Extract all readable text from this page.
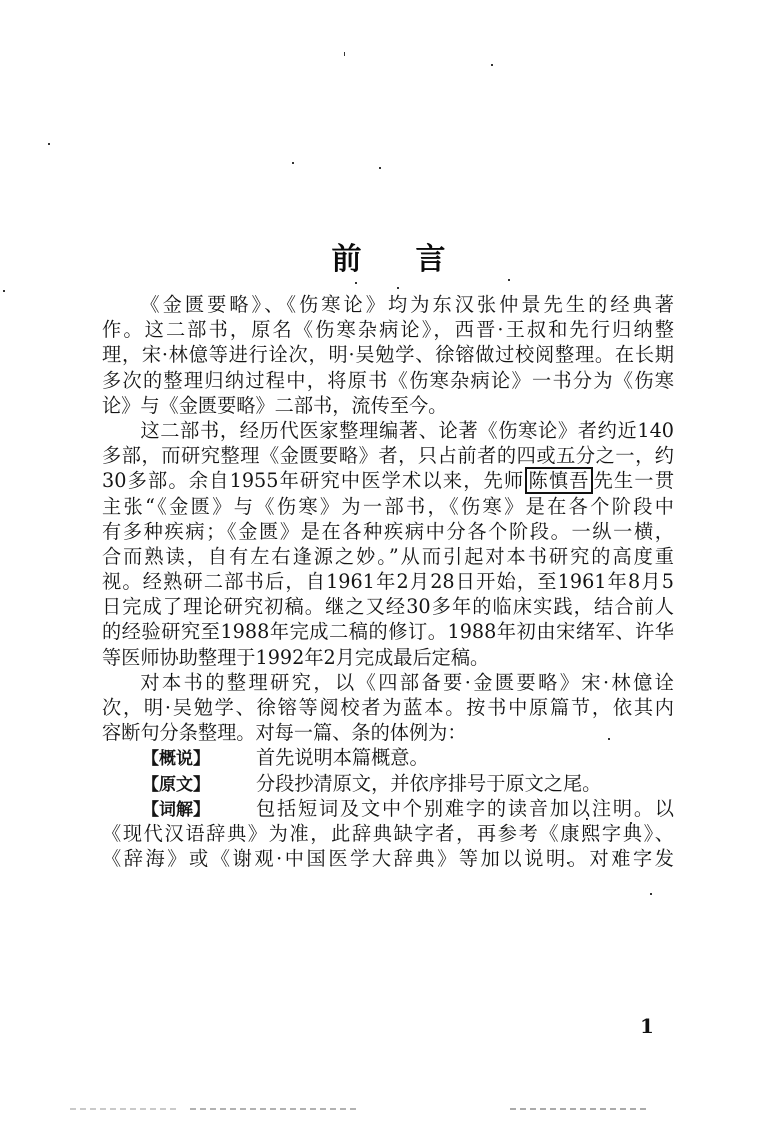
前 言
《金匮要略》、《伤寒论》均为东汉张仲景先生的经典著
作。这二部书，原名《伤寒杂病论》，西晋·王叔和先行归纳整
理，宋·林億等进行诠次，明·吴勉学、徐镕做过校阅整理。在长期
多次的整理归纳过程中，将原书《伤寒杂病论》一书分为《伤寒
论》与《金匮要略》二部书，流传至今。
这二部书，经历代医家整理编著、论著《伤寒论》者约近140
多部，而研究整理《金匮要略》者，只占前者的四或五分之一，约
30多部。余自1955年研究中医学术以来，先师 陈慎吾 先生一贯
主张“《金匮》与《伤寒》为一部书，《伤寒》是在各个阶段中
有多种疾病；《金匮》是在各种疾病中分各个阶段。一纵一横，
合而熟读，自有左右逢源之妙。”从而引起对本书研究的高度重
视。经熟研二部书后，自1961年2月28日开始，至1961年8月5
日完成了理论研究初稿。继之又经30多年的临床实践，结合前人
的经验研究至1988年完成二稿的修订。1988年初由宋绪军、许华
等医师协助整理于1992年2月完成最后定稿。
对本书的整理研究，以《四部备要·金匮要略》宋·林億诠
次，明·吴勉学、徐镕等阅校者为蓝本。按书中原篇节，依其内
容断句分条整理。对每一篇、条的体例为：
【概说】 首先说明本篇概意。
【原文】 分段抄清原文，并依序排号于原文之尾。
【词解】 包括短词及文中个别难字的读音加以注明。以
《现代汉语辞典》为准，此辞典缺字者，再参考《康熙字典》、
《辞海》或《谢观·中国医学大辞典》等加以说明。对难字发
1
